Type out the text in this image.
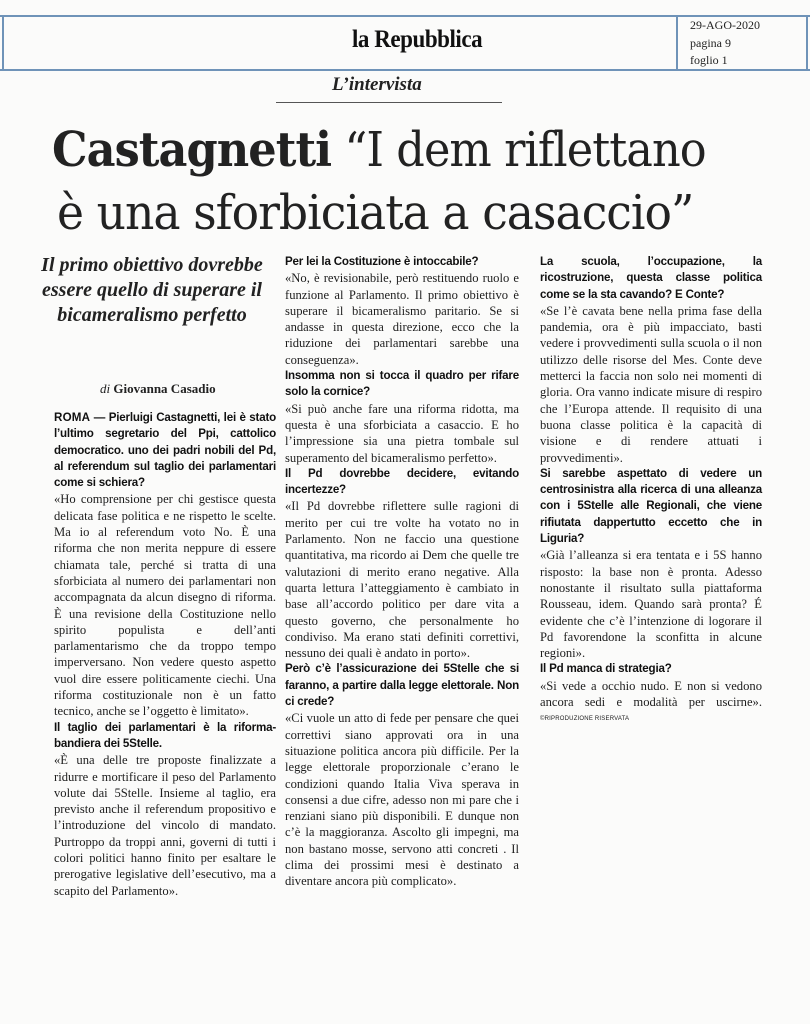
la Repubblica
29-AGO-2020
pagina 9
foglio 1
L’intervista
Castagnetti “I dem riflettano
è una sforbiciata a casaccio”
Il primo obiettivo dovrebbe essere quello di superare il bicameralismo perfetto
di Giovanna Casadio

ROMA — Pierluigi Castagnetti, lei è stato l’ultimo segretario del Ppi, cattolico democratico. uno dei padri nobili del Pd, al referendum sul taglio dei parlamentari come si schiera?

«Ho comprensione per chi gestisce questa delicata fase politica e ne rispetto le scelte. Ma io al referendum voto No. È una riforma che non merita neppure di essere chiamata tale, perché si tratta di una sforbiciata al numero dei parlamentari non accompagnata da alcun disegno di riforma. È una revisione della Costituzione nello spirito populista e dell’anti parlamentarismo che da troppo tempo imperversano. Non vedere questo aspetto vuol dire essere politicamente ciechi. Una riforma costituzionale non è un fatto tecnico, anche se l’oggetto è limitato».

Il taglio dei parlamentari è la riforma-bandiera dei 5Stelle.

«È una delle tre proposte finalizzate a ridurre e mortificare il peso del Parlamento volute dai 5Stelle. Insieme al taglio, era previsto anche il referendum propositivo e l’introduzione del vincolo di mandato. Purtroppo da troppi anni, governi di tutti i colori politici hanno finito per esaltare le prerogative legislative dell’esecutivo, ma a scapito del Parlamento».

Per lei la Costituzione è intoccabile?

«No, è revisionabile, però restituendo ruolo e funzione al Parlamento. Il primo obiettivo è superare il bicameralismo paritario. Se si andasse in questa direzione, ecco che la riduzione dei parlamentari sarebbe una conseguenza».

Insomma non si tocca il quadro per rifare solo la cornice?

«Si può anche fare una riforma ridotta, ma questa è una sforbiciata a casaccio. E ho l’impressione sia una pietra tombale sul superamento del bicameralismo perfetto».

Il Pd dovrebbe decidere, evitando incertezze?

«Il Pd dovrebbe riflettere sulle ragioni di merito per cui tre volte ha votato no in Parlamento. Non ne faccio una questione quantitativa, ma ricordo ai Dem che quelle tre valutazioni di merito erano negative. Alla quarta lettura l’atteggiamento è cambiato in base all’accordo politico per dare vita a questo governo, che personalmente ho condiviso. Ma erano stati definiti correttivi, nessuno dei quali è andato in porto».

Però c’è l’assicurazione dei 5Stelle che si faranno, a partire dalla legge elettorale. Non ci crede?

«Ci vuole un atto di fede per pensare che quei correttivi siano approvati ora in una situazione politica ancora più difficile. Per la legge elettorale proporzionale c’erano le condizioni quando Italia Viva sperava in consensi a due cifre, adesso non mi pare che i renziani siano più disponibili. E dunque non c’è la maggioranza. Ascolto gli impegni, ma non bastano mosse, servono atti concreti . Il clima dei prossimi mesi è destinato a diventare ancora più complicato».

La scuola, l’occupazione, la ricostruzione, questa classe politica come se la sta cavando? E Conte?

«Se l’è cavata bene nella prima fase della pandemia, ora è più impacciato, basti vedere i provvedimenti sulla scuola o il non utilizzo delle risorse del Mes. Conte deve metterci la faccia non solo nei momenti di gloria. Ora vanno indicate misure di respiro che l’Europa attende. Il requisito di una buona classe politica è la capacità di visione e di rendere attuati i provvedimenti».

Si sarebbe aspettato di vedere un centrosinistra alla ricerca di una alleanza con i 5Stelle alle Regionali, che viene rifiutata dappertutto eccetto che in Liguria?

«Già l’alleanza si era tentata e i 5S hanno risposto: la base non è pronta. Adesso nonostante il risultato sulla piattaforma Rousseau, idem. Quando sarà pronta? É evidente che c’è l’intenzione di logorare il Pd favorendone la sconfitta in alcune regioni».

Il Pd manca di strategia?

«Si vede a occhio nudo. E non si vedono ancora sedi e modalità per uscirne». ©RIPRODUZIONE RISERVATA
